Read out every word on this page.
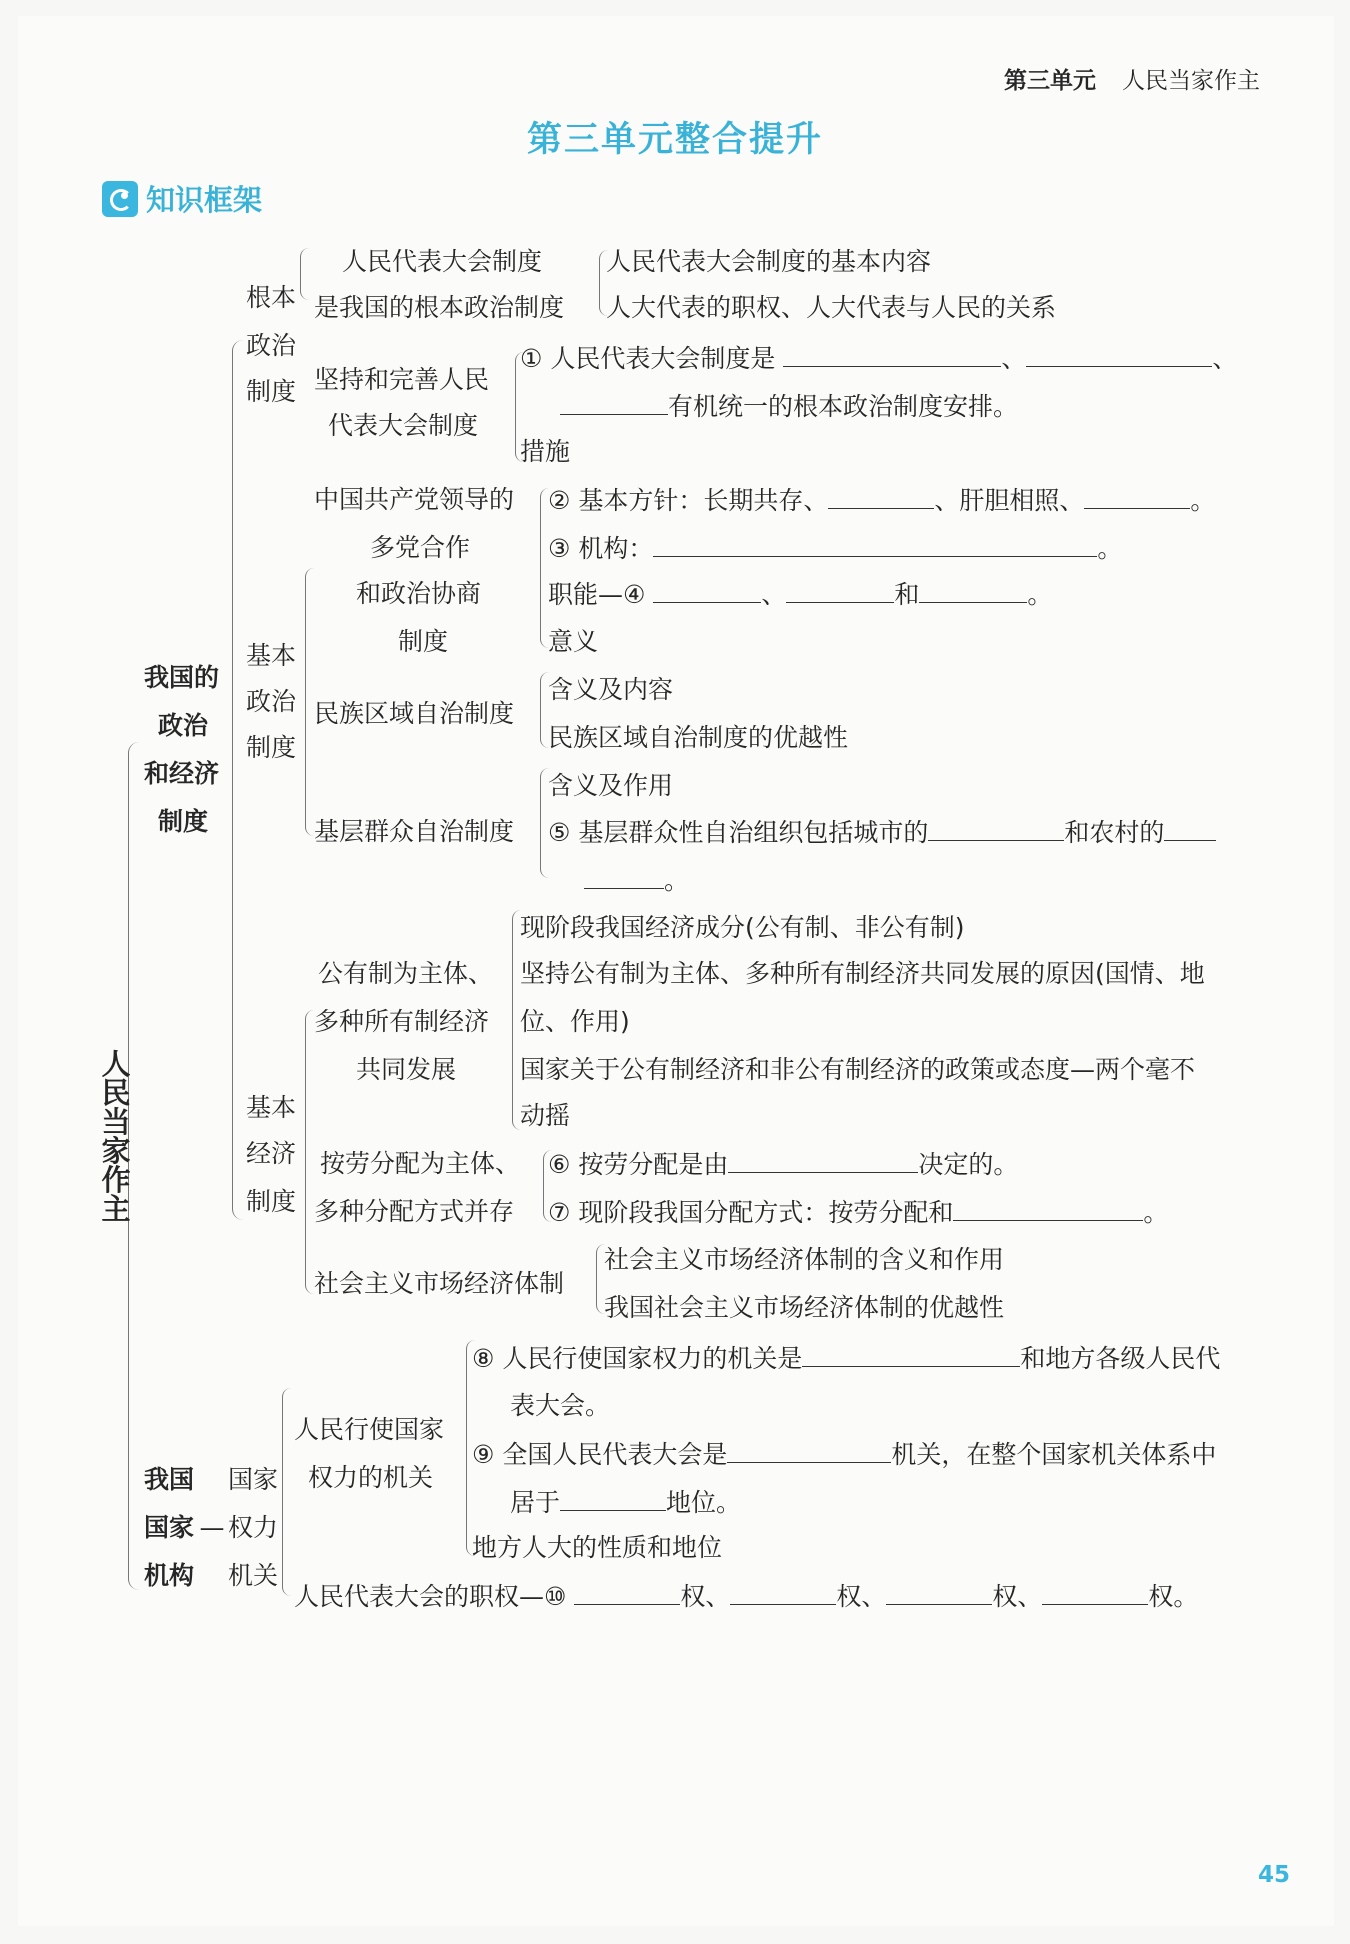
第三单元 人民当家作主
第三单元整合提升
知识框架
人民当家作主
我国的
政治
和经济
制度
根本
政治
制度
人民代表大会制度
是我国的根本政治制度
人民代表大会制度的基本内容
人大代表的职权、人大代表与人民的关系
坚持和完善人民
代表大会制度
① 人民代表大会制度是	、	、
有机统一的根本政治制度安排。
措施
基本
政治
制度
中国共产党领导的
多党合作
和政治协商
制度
② 基本方针：长期共存、	、肝胆相照、	。
③ 机构：	。
职能—④	、	和	。
意义
民族区域自治制度
含义及内容
民族区域自治制度的优越性
基层群众自治制度
含义及作用
⑤ 基层群众性自治组织包括城市的	和农村的
。
基本
经济
制度
公有制为主体、
多种所有制经济
共同发展
现阶段我国经济成分(公有制、非公有制)
坚持公有制为主体、多种所有制经济共同发展的原因(国情、地
位、作用)
国家关于公有制经济和非公有制经济的政策或态度—两个毫不
动摇
按劳分配为主体、
多种分配方式并存
⑥ 按劳分配是由	决定的。
⑦ 现阶段我国分配方式：按劳分配和	。
社会主义市场经济体制
社会主义市场经济体制的含义和作用
我国社会主义市场经济体制的优越性
我国
国家
机构
—
国家
权力
机关
人民行使国家
权力的机关
⑧ 人民行使国家权力的机关是	和地方各级人民代
表大会。
⑨ 全国人民代表大会是	机关，在整个国家机关体系中
居于	地位。
地方人大的性质和地位
人民代表大会的职权—⑩	权、	权、	权、	权。
45
